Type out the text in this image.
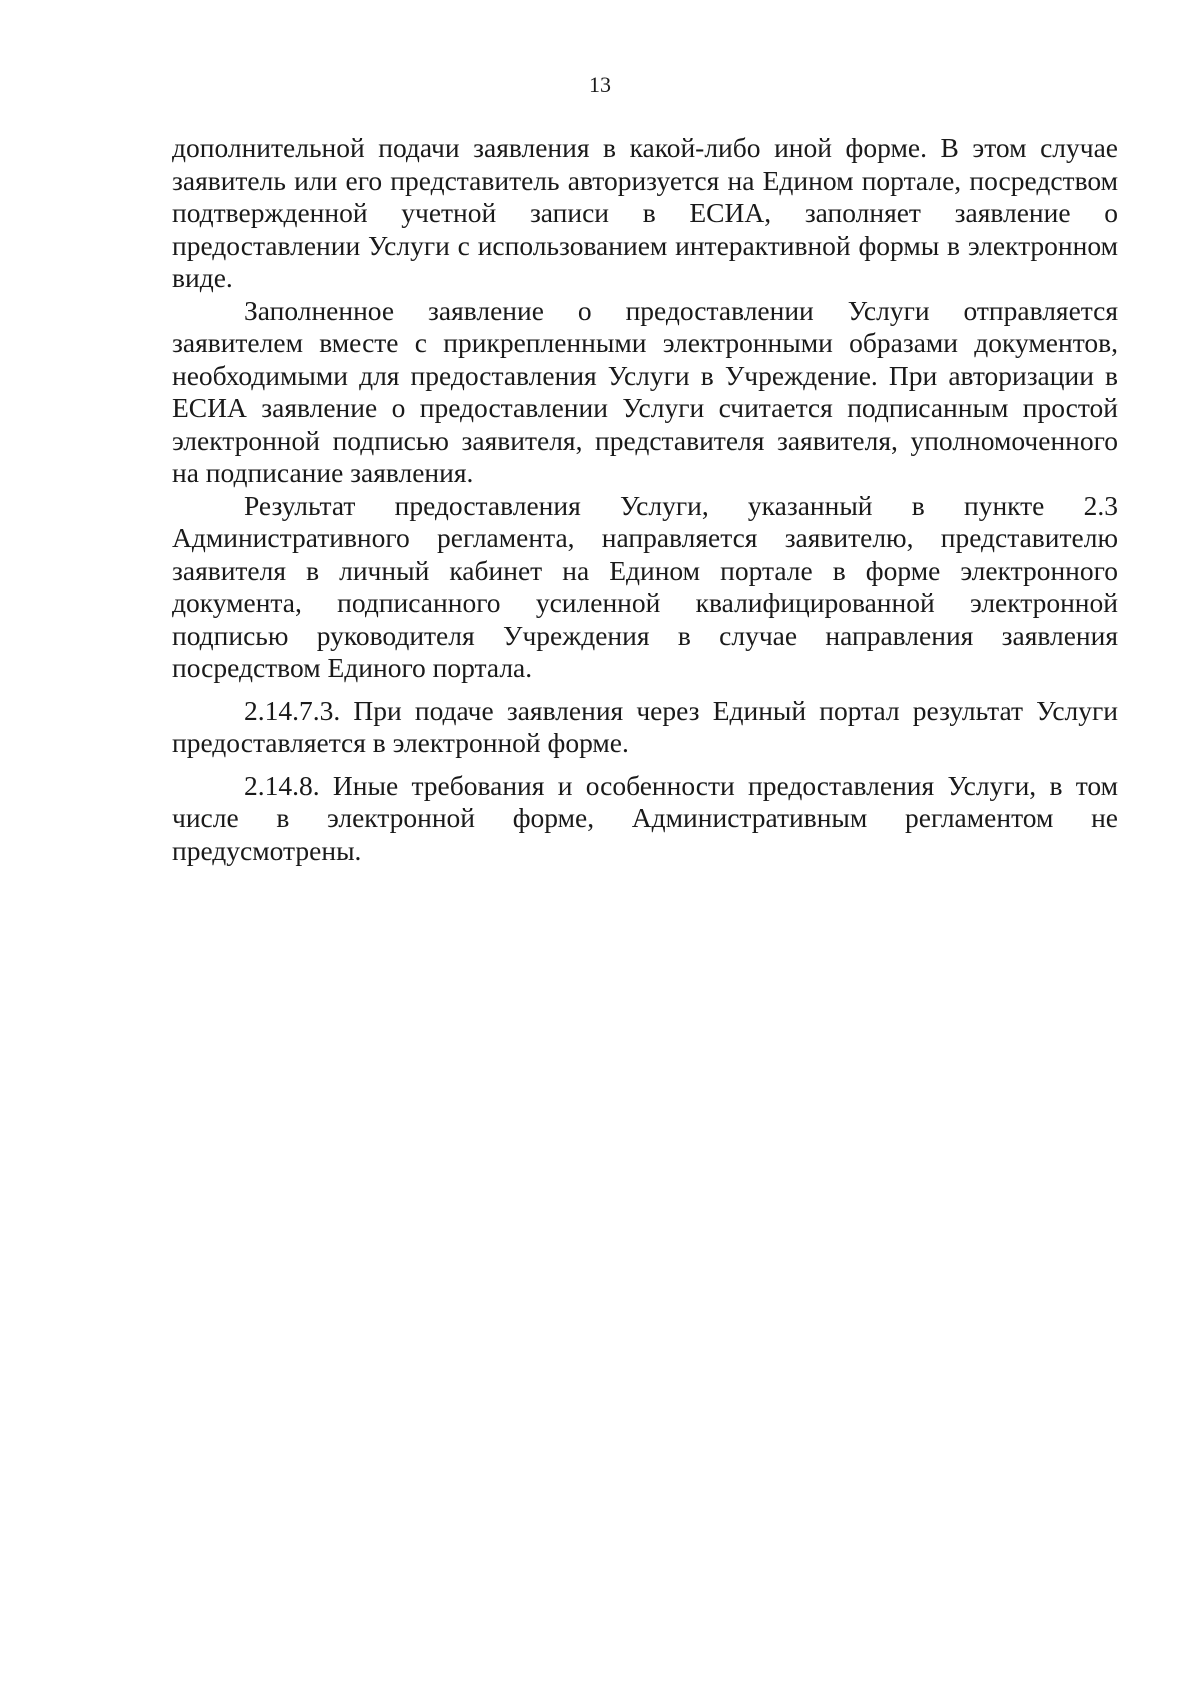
13

дополнительной подачи заявления в какой-либо иной форме. В этом случае заявитель или его представитель авторизуется на Едином портале, посредством подтвержденной учетной записи в ЕСИА, заполняет заявление о предоставлении Услуги с использованием интерактивной формы в электронном виде.

Заполненное заявление о предоставлении Услуги отправляется заявителем вместе с прикрепленными электронными образами документов, необходимыми для предоставления Услуги в Учреждение. При авторизации в ЕСИА заявление о предоставлении Услуги считается подписанным простой электронной подписью заявителя, представителя заявителя, уполномоченного на подписание заявления.

Результат предоставления Услуги, указанный в пункте 2.3 Административного регламента, направляется заявителю, представителю заявителя в личный кабинет на Едином портале в форме электронного документа, подписанного усиленной квалифицированной электронной подписью руководителя Учреждения в случае направления заявления посредством Единого портала.

2.14.7.3. При подаче заявления через Единый портал результат Услуги предоставляется в электронной форме.

2.14.8. Иные требования и особенности предоставления Услуги, в том числе в электронной форме, Административным регламентом не предусмотрены.
